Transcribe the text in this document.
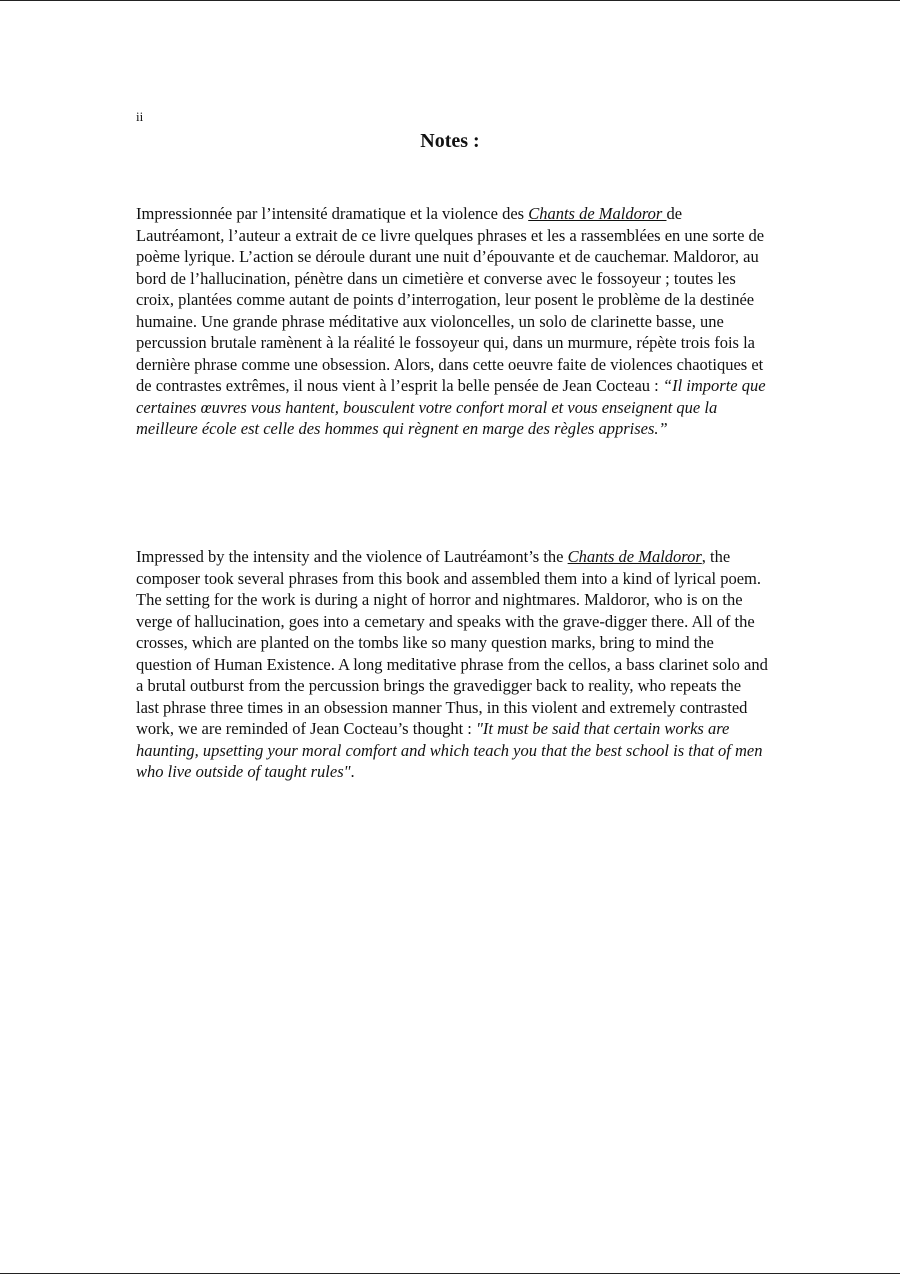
ii
Notes :

Impressionnée par l’intensité dramatique et la violence des Chants de Maldoror de Lautréamont, l’auteur a extrait de ce livre quelques phrases et les a rassemblées en une sorte de poème lyrique. L’action se déroule durant une nuit d’épouvante et de cauchemar. Maldoror, au bord de l’hallucination, pénètre dans un cimetière et converse avec le fossoyeur ; toutes les croix, plantées comme autant de points d’interrogation, leur posent le problème de la destinée humaine. Une grande phrase méditative aux violoncelles, un solo de clarinette basse, une percussion brutale ramènent à la réalité le fossoyeur qui, dans un murmure, répète trois fois la dernière phrase comme une obsession. Alors, dans cette oeuvre faite de violences chaotiques et de contrastes extrêmes, il nous vient à l’esprit la belle pensée de Jean Cocteau : “Il importe que certaines œuvres vous hantent, bousculent votre confort moral et vous enseignent que la meilleure école est celle des hommes qui règnent en marge des règles apprises.”

Impressed by the intensity and the violence of Lautréamont’s the Chants de Maldoror, the composer took several phrases from this book and assembled them into a kind of lyrical poem. The setting for the work is during a night of horror and nightmares. Maldoror, who is on the verge of hallucination, goes into a cemetary and speaks with the grave-digger there. All of the crosses, which are planted on the tombs like so many question marks, bring to mind the question of Human Existence. A long meditative phrase from the cellos, a bass clarinet solo and a brutal outburst from the percussion brings the gravedigger back to reality, who repeats the last phrase three times in an obsession manner Thus, in this violent and extremely contrasted work, we are reminded of Jean Cocteau’s thought : "It must be said that certain works are haunting, upsetting your moral comfort and which teach you that the best school is that of men who live outside of taught rules".
